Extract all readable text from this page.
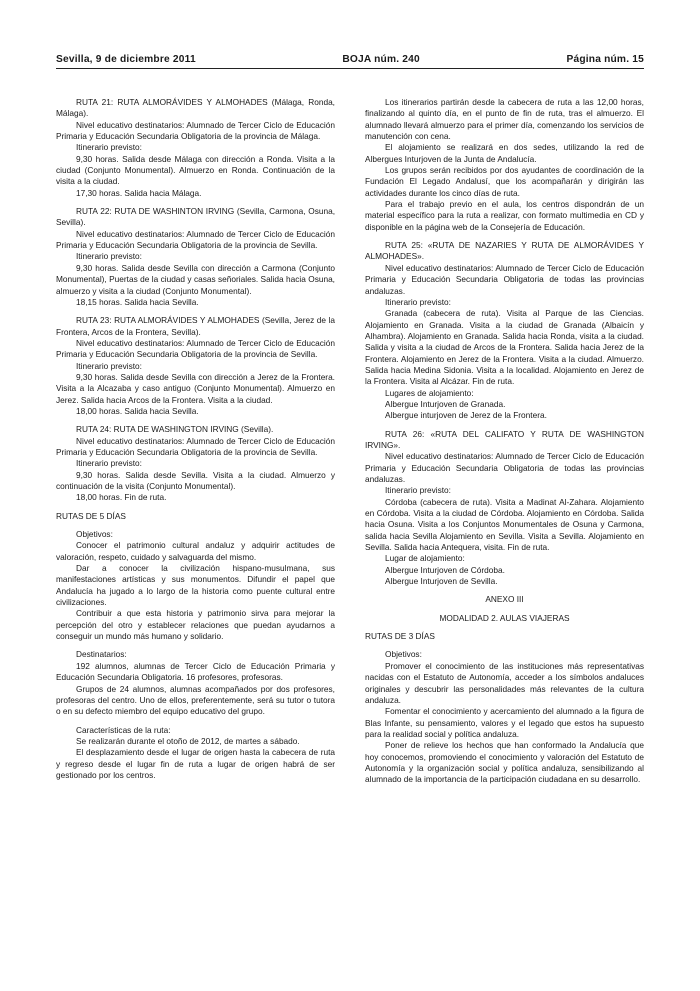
Sevilla, 9 de diciembre 2011	BOJA núm. 240	Página núm. 15

RUTA 21: RUTA ALMORÁVIDES Y ALMOHADES (Málaga, Ronda, Málaga).

Nivel educativo destinatarios: Alumnado de Tercer Ciclo de Educación Primaria y Educación Secundaria Obligatoria de la provincia de Málaga.

Itinerario previsto:

9,30 horas. Salida desde Málaga con dirección a Ronda. Visita a la ciudad (Conjunto Monumental). Almuerzo en Ronda. Continuación de la visita a la ciudad.

17,30 horas. Salida hacia Málaga.

RUTA 22: RUTA DE WASHINTON IRVING (Sevilla, Carmona, Osuna, Sevilla).

Nivel educativo destinatarios: Alumnado de Tercer Ciclo de Educación Primaria y Educación Secundaria Obligatoria de la provincia de Sevilla.

Itinerario previsto:

9,30 horas. Salida desde Sevilla con dirección a Carmona (Conjunto Monumental), Puertas de la ciudad y casas señoriales. Salida hacia Osuna, almuerzo y visita a la ciudad (Conjunto Monumental).

18,15 horas. Salida hacia Sevilla.

RUTA 23: RUTA ALMORÁVIDES Y ALMOHADES (Sevilla, Jerez de la Frontera, Arcos de la Frontera, Sevilla).

Nivel educativo destinatarios: Alumnado de Tercer Ciclo de Educación Primaria y Educación Secundaria Obligatoria de la provincia de Sevilla.

Itinerario previsto:

9,30 horas. Salida desde Sevilla con dirección a Jerez de la Frontera. Visita a la Alcazaba y caso antiguo (Conjunto Monumental). Almuerzo en Jerez. Salida hacia Arcos de la Frontera. Visita a la ciudad.

18,00 horas. Salida hacia Sevilla.

RUTA 24: RUTA DE WASHINGTON IRVING (Sevilla).

Nivel educativo destinatarios: Alumnado de Tercer Ciclo de Educación Primaria y Educación Secundaria Obligatoria de la provincia de Sevilla.

Itinerario previsto:

9,30 horas. Salida desde Sevilla. Visita a la ciudad. Almuerzo y continuación de la visita (Conjunto Monumental).

18,00 horas. Fin de ruta.

RUTAS DE 5 DÍAS

Objetivos:

Conocer el patrimonio cultural andaluz y adquirir actitudes de valoración, respeto, cuidado y salvaguarda del mismo.

Dar a conocer la civilización hispano-musulmana, sus manifestaciones artísticas y sus monumentos. Difundir el papel que Andalucía ha jugado a lo largo de la historia como puente cultural entre civilizaciones.

Contribuir a que esta historia y patrimonio sirva para mejorar la percepción del otro y establecer relaciones que puedan ayudarnos a conseguir un mundo más humano y solidario.

Destinatarios:

192 alumnos, alumnas de Tercer Ciclo de Educación Primaria y Educación Secundaria Obligatoria. 16 profesores, profesoras.

Grupos de 24 alumnos, alumnas acompañados por dos profesores, profesoras del centro. Uno de ellos, preferentemente, será su tutor o tutora o en su defecto miembro del equipo educativo del grupo.

Características de la ruta:

Se realizarán durante el otoño de 2012, de martes a sábado.

El desplazamiento desde el lugar de origen hasta la cabecera de ruta y regreso desde el lugar fin de ruta a lugar de origen habrá de ser gestionado por los centros.

Los itinerarios partirán desde la cabecera de ruta a las 12,00 horas, finalizando al quinto día, en el punto de fin de ruta, tras el almuerzo. El alumnado llevará almuerzo para el primer día, comenzando los servicios de manutención con cena.

El alojamiento se realizará en dos sedes, utilizando la red de Albergues Inturjoven de la Junta de Andalucía.

Los grupos serán recibidos por dos ayudantes de coordinación de la Fundación El Legado Andalusí, que los acompañarán y dirigirán las actividades durante los cinco días de ruta.

Para el trabajo previo en el aula, los centros dispondrán de un material específico para la ruta a realizar, con formato multimedia en CD y disponible en la página web de la Consejería de Educación.

RUTA 25: «RUTA DE NAZARIES Y RUTA DE ALMORÁVIDES Y ALMOHADES».

Nivel educativo destinatarios: Alumnado de Tercer Ciclo de Educación Primaria y Educación Secundaria Obligatoria de todas las provincias andaluzas.

Itinerario previsto:

Granada (cabecera de ruta). Visita al Parque de las Ciencias. Alojamiento en Granada. Visita a la ciudad de Granada (Albaicín y Alhambra). Alojamiento en Granada. Salida hacia Ronda, visita a la ciudad. Salida y visita a la ciudad de Arcos de la Frontera. Salida hacia Jerez de la Frontera. Alojamiento en Jerez de la Frontera. Visita a la ciudad. Almuerzo. Salida hacia Medina Sidonia. Visita a la localidad. Alojamiento en Jerez de la Frontera. Visita al Alcázar. Fin de ruta.

Lugares de alojamiento:

Albergue Inturjoven de Granada.

Albergue inturjoven de Jerez de la Frontera.

RUTA 26: «RUTA DEL CALIFATO Y RUTA DE WASHINGTON IRVING».

Nivel educativo destinatarios: Alumnado de Tercer Ciclo de Educación Primaria y Educación Secundaria Obligatoria de todas las provincias andaluzas.

Itinerario previsto:

Córdoba (cabecera de ruta). Visita a Madinat Al-Zahara. Alojamiento en Córdoba. Visita a la ciudad de Córdoba. Alojamiento en Córdoba. Salida hacia Osuna. Visita a los Conjuntos Monumentales de Osuna y Carmona, salida hacia Sevilla Alojamiento en Sevilla. Visita a Sevilla. Alojamiento en Sevilla. Salida hacia Antequera, visita. Fin de ruta.

Lugar de alojamiento:

Albergue Inturjoven de Córdoba.

Albergue Inturjoven de Sevilla.

ANEXO III

MODALIDAD 2. AULAS VIAJERAS

RUTAS DE 3 DÍAS

Objetivos:

Promover el conocimiento de las instituciones más representativas nacidas con el Estatuto de Autonomía, acceder a los símbolos andaluces originales y descubrir las personalidades más relevantes de la cultura andaluza.

Fomentar el conocimiento y acercamiento del alumnado a la figura de Blas Infante, su pensamiento, valores y el legado que estos ha supuesto para la realidad social y política andaluza.

Poner de relieve los hechos que han conformado la Andalucía que hoy conocemos, promoviendo el conocimiento y valoración del Estatuto de Autonomía y la organización social y política andaluza, sensibilizando al alumnado de la importancia de la participación ciudadana en su desarrollo.
